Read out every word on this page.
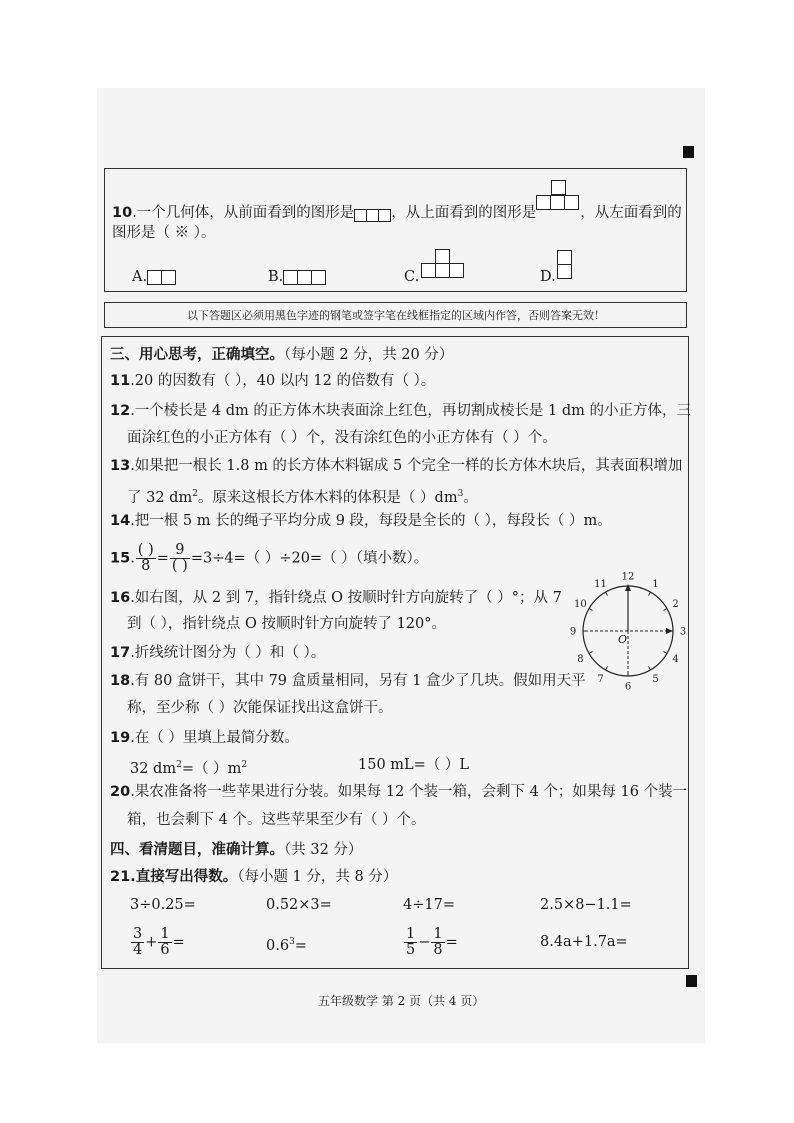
10.一个几何体，从前面看到的图形是	，从上面看到的图形是	，从左面看到的
图形是（ ※ ）。
A.	B.	C.	D.
以下答题区必须用黑色字迹的钢笔或签字笔在线框指定的区域内作答，否则答案无效！
三、用心思考，正确填空。（每小题 2 分，共 20 分）
11.20 的因数有（ ），40 以内 12 的倍数有（ ）。
12.一个棱长是 4 dm 的正方体木块表面涂上红色，再切割成棱长是 1 dm 的小正方体，三
面涂红色的小正方体有（ ）个，没有涂红色的小正方体有（ ）个。
13.如果把一根长 1.8 m 的长方体木料锯成 5 个完全一样的长方体木块后，其表面积增加
了 32 $dm^2$。原来这根长方体木料的体积是（ ）$dm^3$。
14.把一根 5 m 长的绳子平均分成 9 段，每段是全长的（ ），每段长（ ）m。
15. $\frac{( )}{8} = \frac{9}{( )} =3\div 4=$（ ）÷20=（ ）（填小数）。
16.如右图，从 2 到 7，指针绕点 O 按顺时针方向旋转了（ ）°；从 7
到（ ），指针绕点 O 按顺时针方向旋转了 120°。
12
1
2
3
4
5
6
7
8
9
10
11
O
17.折线统计图分为（ ）和（ ）。
18.有 80 盒饼干，其中 79 盒质量相同，另有 1 盒少了几块。假如用天平
称，至少称（ ）次能保证找出这盒饼干。
19.在（ ）里填上最简分数。
32 $dm^2=$（ ）$m^2$	150 mL=（ ）L
20.果农准备将一些苹果进行分装。如果每 12 个装一箱，会剩下 4 个；如果每 16 个装一
箱，也会剩下 4 个。这些苹果至少有（ ）个。
四、看清题目，准确计算。（共 32 分）
21.直接写出得数。（每小题 1 分，共 8 分）
3÷0.25=	0.52×3=	4÷17=	2.5×8−1.1=
$\frac{3}{4} + \frac{1}{6}$ =	$0.6^3=$	$\frac{1}{5} - \frac{1}{8}$ =	8.4a+1.7a=
五年级数学 第 2 页（共 4 页）
